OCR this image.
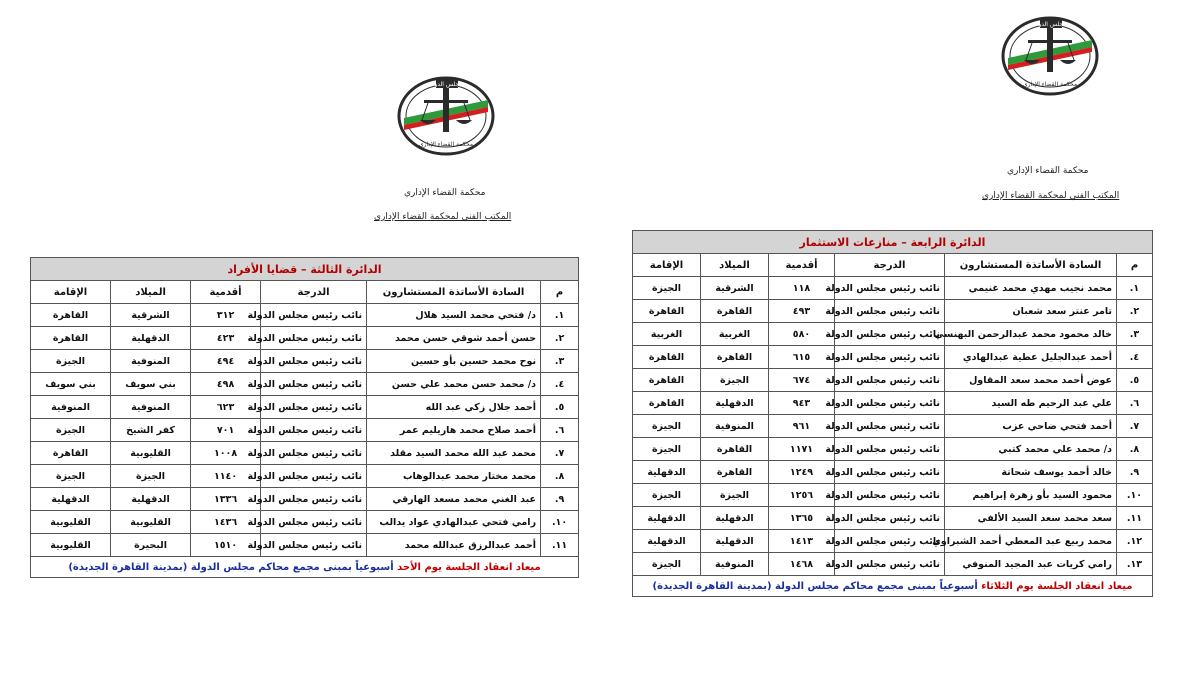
مجلس الدولة
محكمة القضاء الإداري
محكمة القضاء الإداري
المكتب الفني لمحكمة القضاء الإداري
الدائرة الثالثة – قضايا الأفراد					
م	السادة الأساتذة المستشارون	الدرجة	أقدمية	الميلاد	الإقامة
١.	د/ فتحي محمد السيد هلال	نائب رئيس مجلس الدولة	٣١٢	الشرقية	القاهرة
٢.	حسن أحمد شوقي حسن محمد	نائب رئيس مجلس الدولة	٤٢٣	الدقهلية	القاهرة
٣.	نوح محمد حسين بأو حسين	نائب رئيس مجلس الدولة	٤٩٤	المنوفية	الجيزة
٤.	د/ محمد حسن محمد علي حسن	نائب رئيس مجلس الدولة	٤٩٨	بني سويف	بني سويف
٥.	أحمد جلال زكي عبد الله	نائب رئيس مجلس الدولة	٦٢٣	المنوفية	المنوفية
٦.	أحمد صلاح محمد هاريليم عمر	نائب رئيس مجلس الدولة	٧٠١	كفر الشيخ	الجيزة
٧.	محمد عبد الله محمد السيد مقلد	نائب رئيس مجلس الدولة	١٠٠٨	القليوبية	القاهرة
٨.	محمد مختار محمد عبدالوهاب	نائب رئيس مجلس الدولة	١١٤٠	الجيزة	الجيزة
٩.	عبد الغني محمد مسعد الهارقي	نائب رئيس مجلس الدولة	١٣٣٦	الدقهلية	الدقهلية
١٠.	رامي فتحي عبدالهادي عواد يدالب	نائب رئيس مجلس الدولة	١٤٣٦	القليوبية	القليوبية
١١.	أحمد عبدالرزق عبدالله محمد	نائب رئيس مجلس الدولة	١٥١٠	البحيرة	القليوبية
ميعاد انعقاد الجلسة يوم الأحد أسبوعياً بمبنى مجمع محاكم مجلس الدولة (بمدينة القاهرة الجديدة)					
مجلس الدولة
محكمة القضاء الإداري
محكمة القضاء الإداري
المكتب الفني لمحكمة القضاء الإداري
الدائرة الرابعة – منازعات الاستثمار					
م	السادة الأساتذة المستشارون	الدرجة	أقدمية	الميلاد	الإقامة
١.	محمد نجيب مهدي محمد غنيمي	نائب رئيس مجلس الدولة	١١٨	الشرقية	الجيزة
٢.	تامر عنتر سعد شعبان	نائب رئيس مجلس الدولة	٤٩٣	القاهرة	القاهرة
٣.	خالد محمود محمد عبدالرحمن البهنسي	نائب رئيس مجلس الدولة	٥٨٠	الغربية	الغربية
٤.	أحمد عبدالجليل عطية عبدالهادي	نائب رئيس مجلس الدولة	٦١٥	القاهرة	القاهرة
٥.	عوض أحمد محمد سعد المقاول	نائب رئيس مجلس الدولة	٦٧٤	الجيزة	القاهرة
٦.	علي عبد الرحيم طه السيد	نائب رئيس مجلس الدولة	٩٤٣	الدقهلية	القاهرة
٧.	أحمد فتحي ضاحي عزب	نائب رئيس مجلس الدولة	٩٦١	المنوفية	الجيزة
٨.	د/ محمد علي محمد كتبي	نائب رئيس مجلس الدولة	١١٧١	القاهرة	الجيزة
٩.	خالد أحمد يوسف شحاتة	نائب رئيس مجلس الدولة	١٢٤٩	القاهرة	الدقهلية
١٠.	محمود السيد بأو زهرة إبراهيم	نائب رئيس مجلس الدولة	١٢٥٦	الجيزة	الجيزة
١١.	سعد محمد سعد السيد الألفي	نائب رئيس مجلس الدولة	١٣٦٥	الدقهلية	الدقهلية
١٢.	محمد ربيع عبد المعطي أحمد الشبراوي	نائب رئيس مجلس الدولة	١٤١٣	الدقهلية	الدقهلية
١٣.	رامي كريات عبد المجيد المنوفي	نائب رئيس مجلس الدولة	١٤٦٨	المنوفية	الجيزة
ميعاد انعقاد الجلسة يوم الثلاثاء أسبوعياً بمبنى مجمع محاكم مجلس الدولة (بمدينة القاهرة الجديدة)					
